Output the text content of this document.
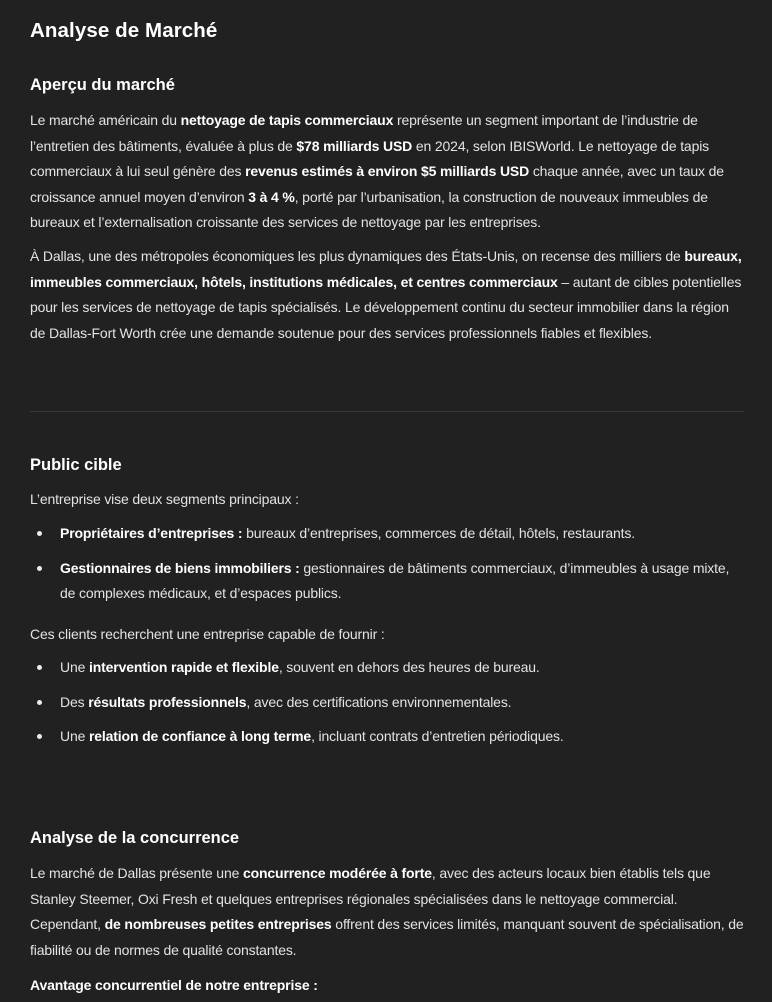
Analyse de Marché
Aperçu du marché

Le marché américain du nettoyage de tapis commerciaux représente un segment important de l’industrie de l’entretien des bâtiments, évaluée à plus de $78 milliards USD en 2024, selon IBISWorld. Le nettoyage de tapis commerciaux à lui seul génère des revenus estimés à environ $5 milliards USD chaque année, avec un taux de croissance annuel moyen d’environ 3 à 4 %, porté par l’urbanisation, la construction de nouveaux immeubles de bureaux et l’externalisation croissante des services de nettoyage par les entreprises.

À Dallas, une des métropoles économiques les plus dynamiques des États-Unis, on recense des milliers de bureaux, immeubles commerciaux, hôtels, institutions médicales, et centres commerciaux – autant de cibles potentielles pour les services de nettoyage de tapis spécialisés. Le développement continu du secteur immobilier dans la région de Dallas-Fort Worth crée une demande soutenue pour des services professionnels fiables et flexibles.

Public cible

L’entreprise vise deux segments principaux :

Propriétaires d’entreprises : bureaux d’entreprises, commerces de détail, hôtels, restaurants.
Gestionnaires de biens immobiliers : gestionnaires de bâtiments commerciaux, d’immeubles à usage mixte, de complexes médicaux, et d’espaces publics.

Ces clients recherchent une entreprise capable de fournir :

Une intervention rapide et flexible, souvent en dehors des heures de bureau.
Des résultats professionnels, avec des certifications environnementales.
Une relation de confiance à long terme, incluant contrats d’entretien périodiques.
Analyse de la concurrence

Le marché de Dallas présente une concurrence modérée à forte, avec des acteurs locaux bien établis tels que Stanley Steemer, Oxi Fresh et quelques entreprises régionales spécialisées dans le nettoyage commercial. Cependant, de nombreuses petites entreprises offrent des services limités, manquant souvent de spécialisation, de fiabilité ou de normes de qualité constantes.

Avantage concurrentiel de notre entreprise :
